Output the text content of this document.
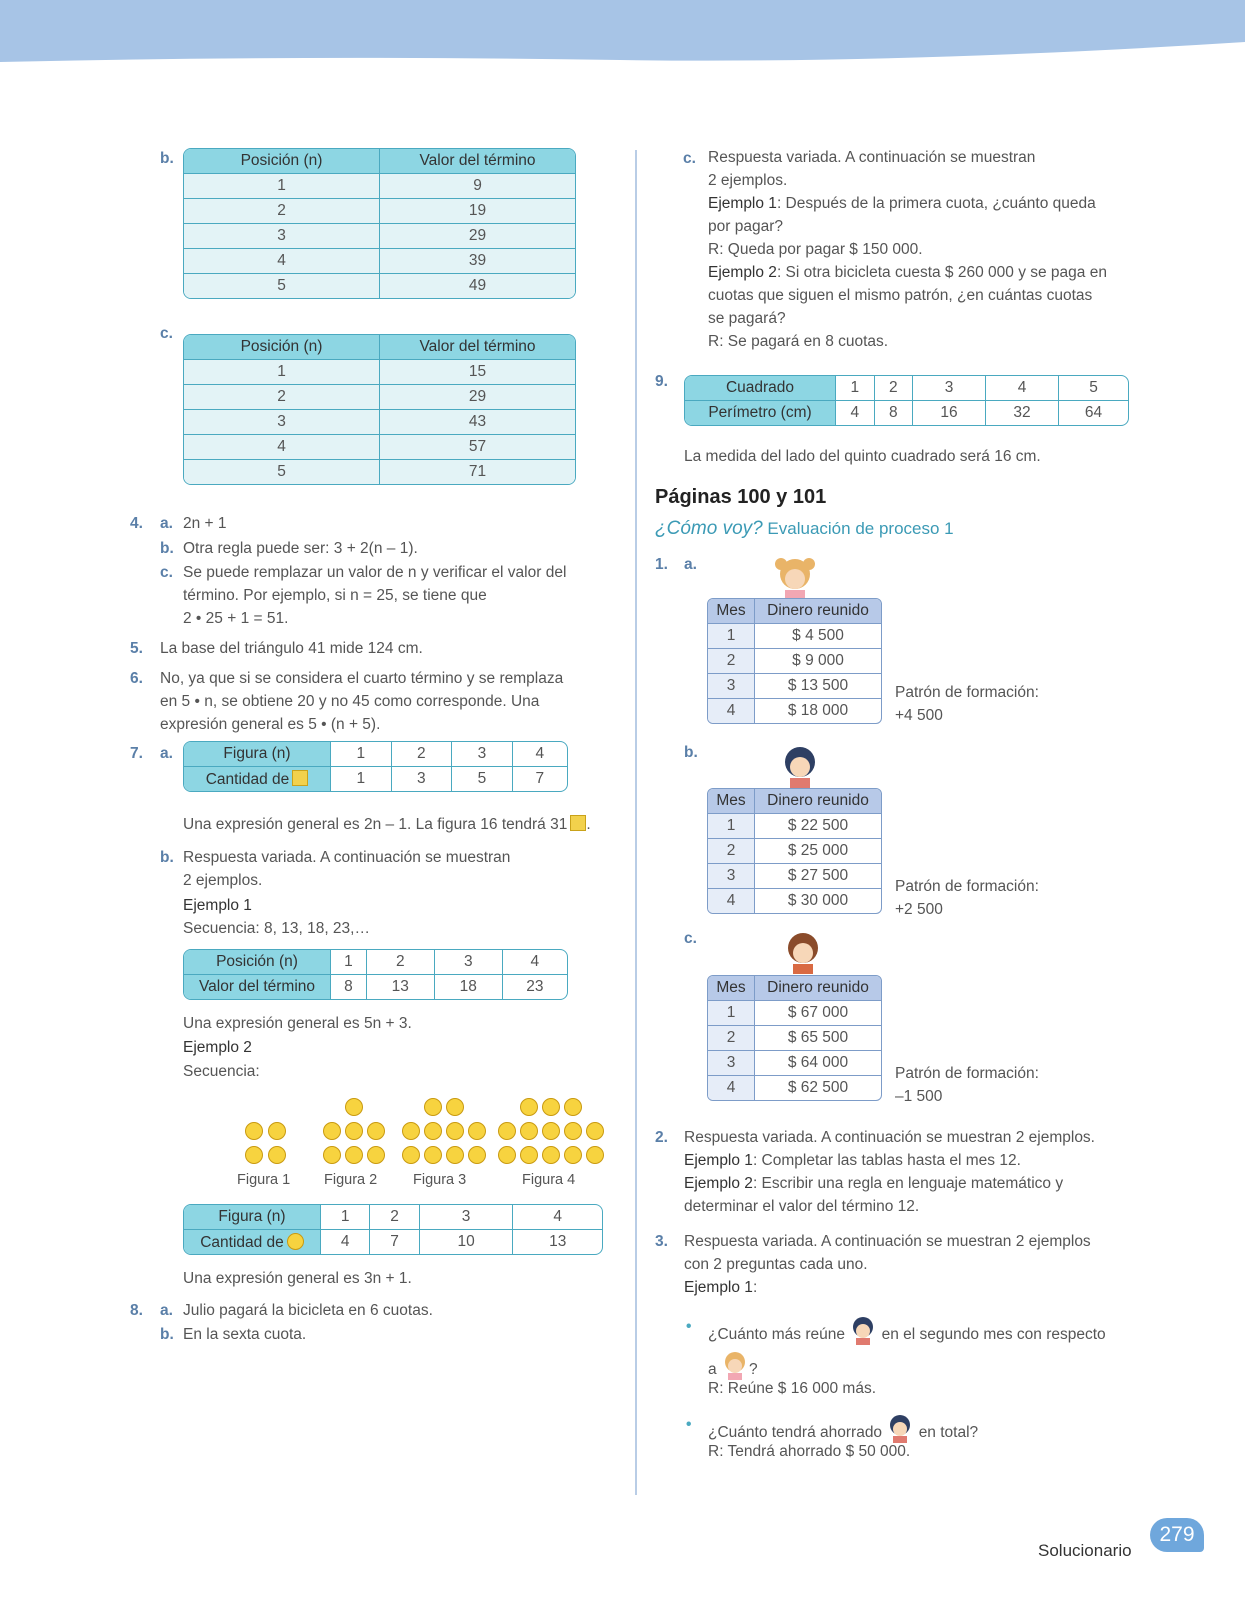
b.	Posición (n)	Valor del término
1	9
2	19
3	29
4	39
5	49
c.
Posición (n)	Valor del término
1	15
2	29
3	43
4	57
5	71
4. a. 2n + 1
b. Otra regla puede ser: 3 + 2(n – 1).
c. Se puede remplazar un valor de n y verificar el valor del
término. Por ejemplo, si n = 25, se tiene que
2 • 25 + 1 = 51.
5. La base del triángulo 41 mide 124 cm.
6. No, ya que si se considera el cuarto término y se remplaza
en 5 • n, se obtiene 20 y no 45 como corresponde. Una
expresión general es 5 • (n + 5).
7. a.	Figura (n)	1	2	3	4
Cantidad de	1	3	5	7
Una expresión general es 2n – 1. La figura 16 tendrá 31 .
b. Respuesta variada. A continuación se muestran
2 ejemplos.
Ejemplo 1
Secuencia: 8, 13, 18, 23,…
Posición (n)	1	2	3	4
Valor del término	8	13	18	23
Una expresión general es 5n + 3.
Ejemplo 2
Secuencia:
Figura 1 Figura 2 Figura 3	Figura 4
Figura (n)	1	2	3	4
Cantidad de	4	7	10	13
Una expresión general es 3n + 1.
8. a. Julio pagará la bicicleta en 6 cuotas.
b. En la sexta cuota.
c. Respuesta variada. A continuación se muestran
2 ejemplos.
Ejemplo 1: Después de la primera cuota, ¿cuánto queda
por pagar?
R: Queda por pagar $ 150 000.
Ejemplo 2: Si otra bicicleta cuesta $ 260 000 y se paga en
cuotas que siguen el mismo patrón, ¿en cuántas cuotas
se pagará?
R: Se pagará en 8 cuotas.
9.	Cuadrado	1	2	3	4	5
Perímetro (cm)	4	8	16	32	64
La medida del lado del quinto cuadrado será 16 cm.
Páginas 100 y 101
¿Cómo voy? Evaluación de proceso 1
1. a.
Mes	Dinero reunido
1	$ 4 500
2	$ 9 000
3	$ 13 500
4	$ 18 000
Patrón de formación:
+4 500
b.
Mes	Dinero reunido
1	$ 22 500
2	$ 25 000
3	$ 27 500
4	$ 30 000
Patrón de formación:
+2 500
c.
Mes	Dinero reunido
1	$ 67 000
2	$ 65 500
3	$ 64 000
4	$ 62 500
Patrón de formación:
–1 500
2. Respuesta variada. A continuación se muestran 2 ejemplos.
Ejemplo 1: Completar las tablas hasta el mes 12.
Ejemplo 2: Escribir una regla en lenguaje matemático y
determinar el valor del término 12.
3. Respuesta variada. A continuación se muestran 2 ejemplos
con 2 preguntas cada uno.
Ejemplo 1:
• ¿Cuánto más reúne en el segundo mes con respecto
a ?
R: Reúne $ 16 000 más.
• ¿Cuánto tendrá ahorrado en total?
R: Tendrá ahorrado $ 50 000.
Solucionario
279
